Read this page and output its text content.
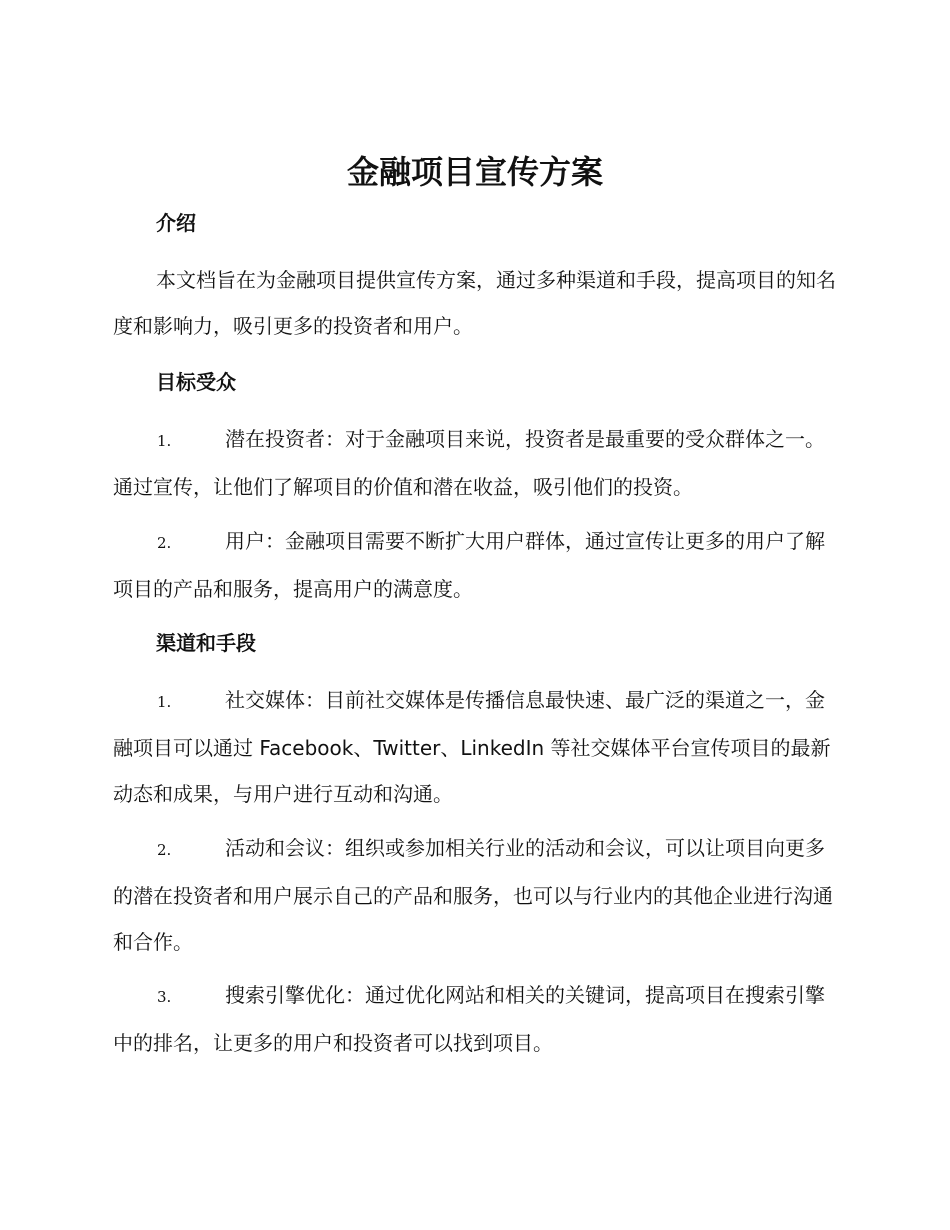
金融项目宣传方案
介绍

本文档旨在为金融项目提供宣传方案，通过多种渠道和手段，提高项目的知名度和影响力，吸引更多的投资者和用户。

目标受众
1.	潜在投资者：对于金融项目来说，投资者是最重要的受众群体之一。通过宣传，让他们了解项目的价值和潜在收益，吸引他们的投资。
2.	用户：金融项目需要不断扩大用户群体，通过宣传让更多的用户了解项目的产品和服务，提高用户的满意度。
渠道和手段
1.	社交媒体：目前社交媒体是传播信息最快速、最广泛的渠道之一，金融项目可以通过 Facebook、Twitter、LinkedIn 等社交媒体平台宣传项目的最新动态和成果，与用户进行互动和沟通。
2.	活动和会议：组织或参加相关行业的活动和会议，可以让项目向更多的潜在投资者和用户展示自己的产品和服务，也可以与行业内的其他企业进行沟通和合作。
3.	搜索引擎优化：通过优化网站和相关的关键词，提高项目在搜索引擎中的排名，让更多的用户和投资者可以找到项目。
